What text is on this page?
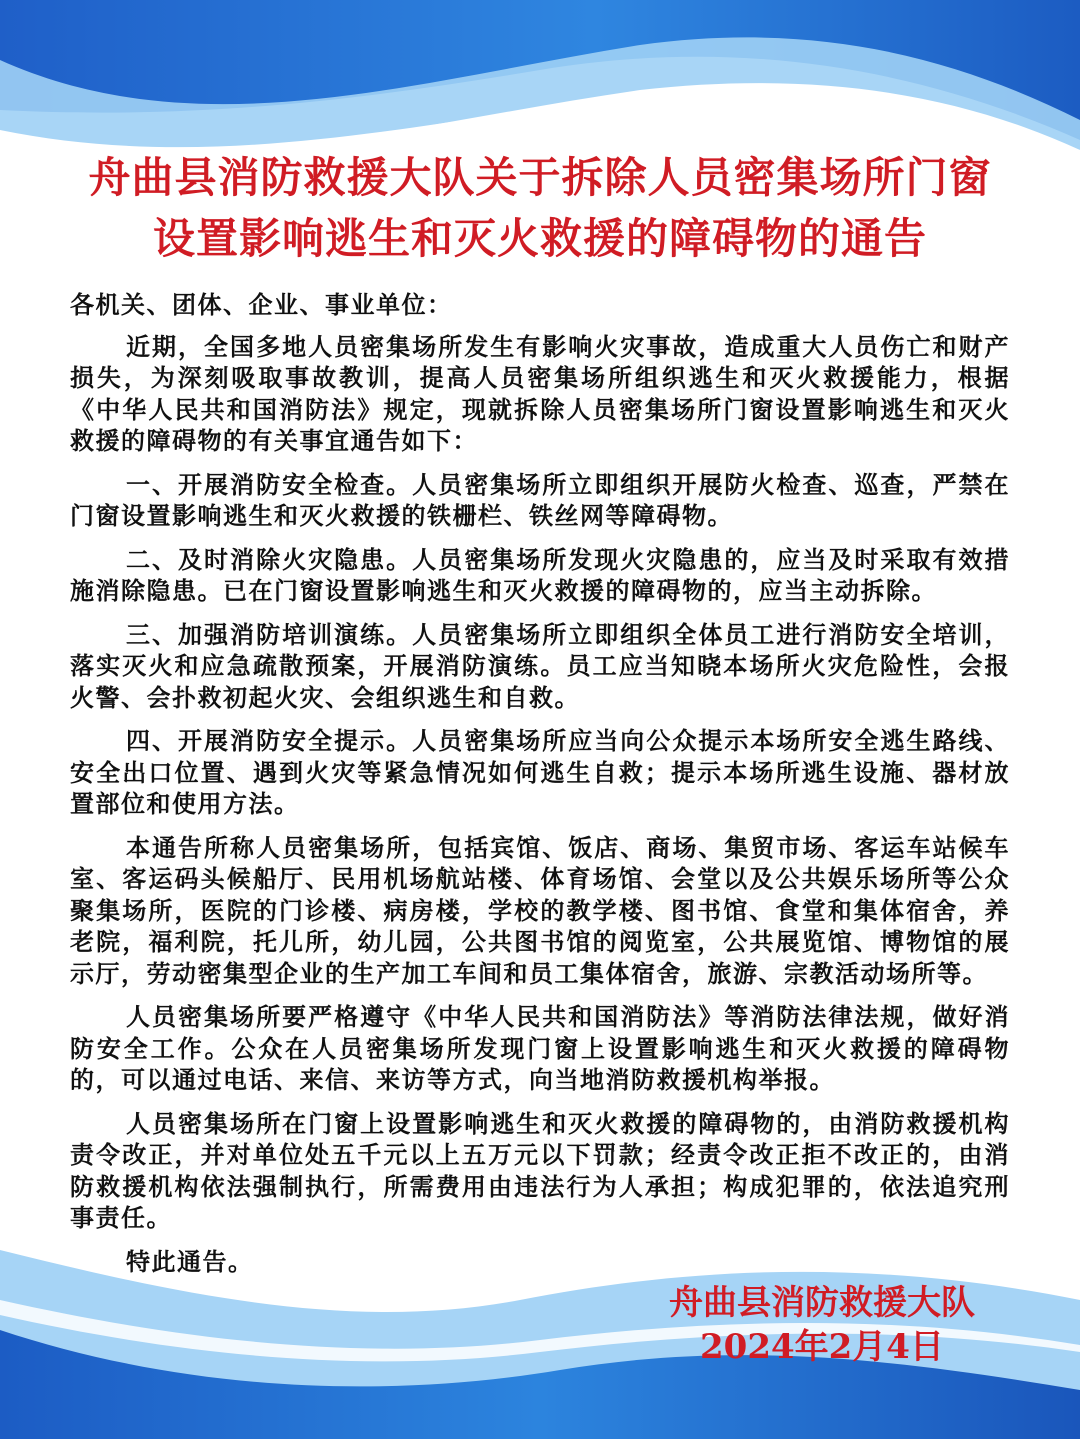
舟曲县消防救援大队关于拆除人员密集场所门窗
设置影响逃生和灭火救援的障碍物的通告

各机关、团体、企业、事业单位：

近期，全国多地人员密集场所发生有影响火灾事故，造成重大人员伤亡和财产损失，为深刻吸取事故教训，提高人员密集场所组织逃生和灭火救援能力，根据《中华人民共和国消防法》规定，现就拆除人员密集场所门窗设置影响逃生和灭火救援的障碍物的有关事宜通告如下：

一、开展消防安全检查。人员密集场所立即组织开展防火检查、巡查，严禁在门窗设置影响逃生和灭火救援的铁栅栏、铁丝网等障碍物。

二、及时消除火灾隐患。人员密集场所发现火灾隐患的，应当及时采取有效措施消除隐患。已在门窗设置影响逃生和灭火救援的障碍物的，应当主动拆除。

三、加强消防培训演练。人员密集场所立即组织全体员工进行消防安全培训，落实灭火和应急疏散预案，开展消防演练。员工应当知晓本场所火灾危险性，会报火警、会扑救初起火灾、会组织逃生和自救。

四、开展消防安全提示。人员密集场所应当向公众提示本场所安全逃生路线、安全出口位置、遇到火灾等紧急情况如何逃生自救；提示本场所逃生设施、器材放置部位和使用方法。

本通告所称人员密集场所，包括宾馆、饭店、商场、集贸市场、客运车站候车室、客运码头候船厅、民用机场航站楼、体育场馆、会堂以及公共娱乐场所等公众聚集场所，医院的门诊楼、病房楼，学校的教学楼、图书馆、食堂和集体宿舍，养老院，福利院，托儿所，幼儿园，公共图书馆的阅览室，公共展览馆、博物馆的展示厅，劳动密集型企业的生产加工车间和员工集体宿舍，旅游、宗教活动场所等。

人员密集场所要严格遵守《中华人民共和国消防法》等消防法律法规，做好消防安全工作。公众在人员密集场所发现门窗上设置影响逃生和灭火救援的障碍物的，可以通过电话、来信、来访等方式，向当地消防救援机构举报。

人员密集场所在门窗上设置影响逃生和灭火救援的障碍物的，由消防救援机构责令改正，并对单位处五千元以上五万元以下罚款；经责令改正拒不改正的，由消防救援机构依法强制执行，所需费用由违法行为人承担；构成犯罪的，依法追究刑事责任。

特此通告。

舟曲县消防救援大队
2024年2月4日
